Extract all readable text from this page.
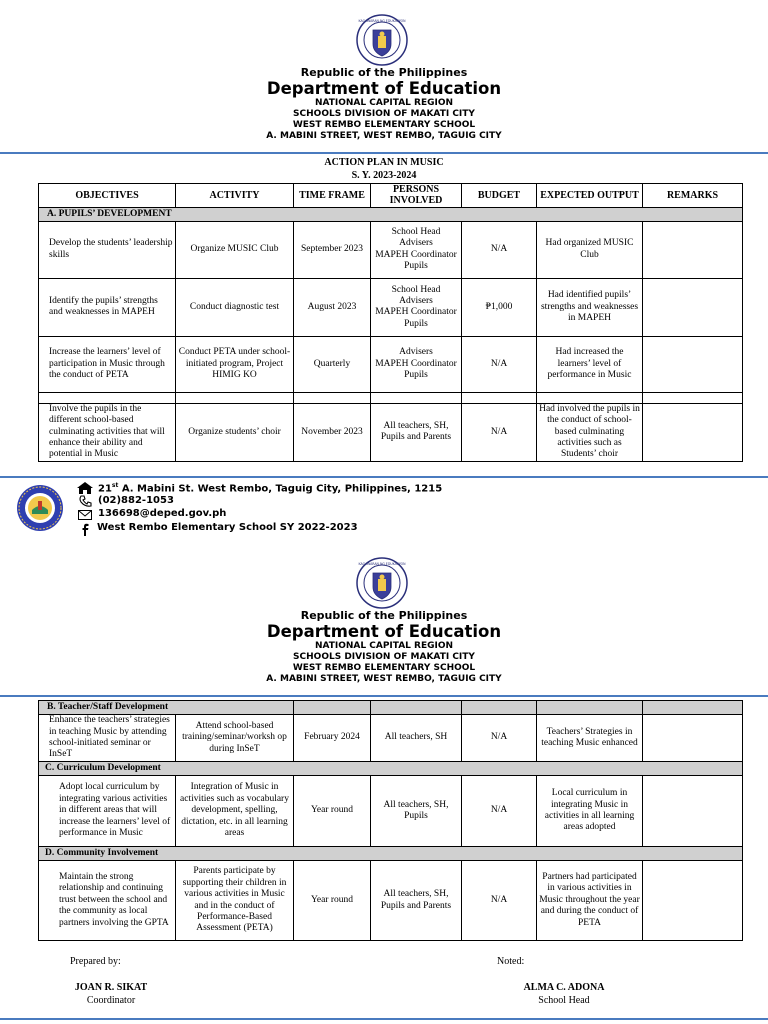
KAGAWARAN NG EDUKASYON
Republic of the Philippines
Department of Education
NATIONAL CAPITAL REGION
SCHOOLS DIVISION OF MAKATI CITY
WEST REMBO ELEMENTARY SCHOOL
A. MABINI STREET, WEST REMBO, TAGUIG CITY
ACTION PLAN IN MUSIC
S. Y. 2023-2024
OBJECTIVES	ACTIVITY	TIME FRAME	PERSONS INVOLVED	BUDGET	EXPECTED OUTPUT	REMARKS
A. PUPILS’ DEVELOPMENT						
Develop the students’ leadership skills	Organize MUSIC Club	September 2023	School Head
Advisers
MAPEH Coordinator
Pupils	N/A	Had organized MUSIC Club	
Identify the pupils’ strengths and weaknesses in MAPEH	Conduct diagnostic test	August 2023	School Head
Advisers
MAPEH Coordinator
Pupils	₱1,000	Had identified pupils’ strengths and weaknesses in MAPEH	
Increase the learners’ level of participation in Music through the conduct of PETA	Conduct PETA under school-initiated program, Project HIMIG KO	Quarterly	Advisers
MAPEH Coordinator
Pupils	N/A	Had increased the learners’ level of performance in Music	

Involve the pupils in the different school-based culminating activities that will enhance their ability and potential in Music	Organize students’ choir	November 2023	All teachers, SH, Pupils and Parents	N/A	Had involved the pupils in the conduct of school-based culminating activities such as Students’ choir	
21st A. Mabini St. West Rembo, Taguig City, Philippines, 1215
(02)882-1053
136698@deped.gov.ph
West Rembo Elementary School SY 2022-2023
KAGAWARAN NG EDUKASYON
Republic of the Philippines
Department of Education
NATIONAL CAPITAL REGION
SCHOOLS DIVISION OF MAKATI CITY
WEST REMBO ELEMENTARY SCHOOL
A. MABINI STREET, WEST REMBO, TAGUIG CITY
B. Teacher/Staff Development						
Enhance the teachers’ strategies in teaching Music by attending school-initiated seminar or InSeT	Attend school-based training/seminar/worksh op during InSeT	February 2024	All teachers, SH	N/A	Teachers’ Strategies in teaching Music enhanced	
C. Curriculum Development						
Adopt local curriculum by integrating various activities in different areas that will increase the learners’ level of performance in Music	Integration of Music in activities such as vocabulary development, spelling, dictation, etc. in all learning areas	Year round	All teachers, SH, Pupils	N/A	Local curriculum in integrating Music in activities in all learning areas adopted	
D. Community Involvement						
Maintain the strong relationship and continuing trust between the school and the community as local partners involving the GPTA	Parents participate by supporting their children in various activities in Music and in the conduct of Performance-Based Assessment (PETA)	Year round	All teachers, SH, Pupils and Parents	N/A	Partners had participated in various activities in Music throughout the year and during the conduct of PETA	
Prepared by:	Noted:
JOAN R. SIKAT
Coordinator
ALMA C. ADONA
School Head
